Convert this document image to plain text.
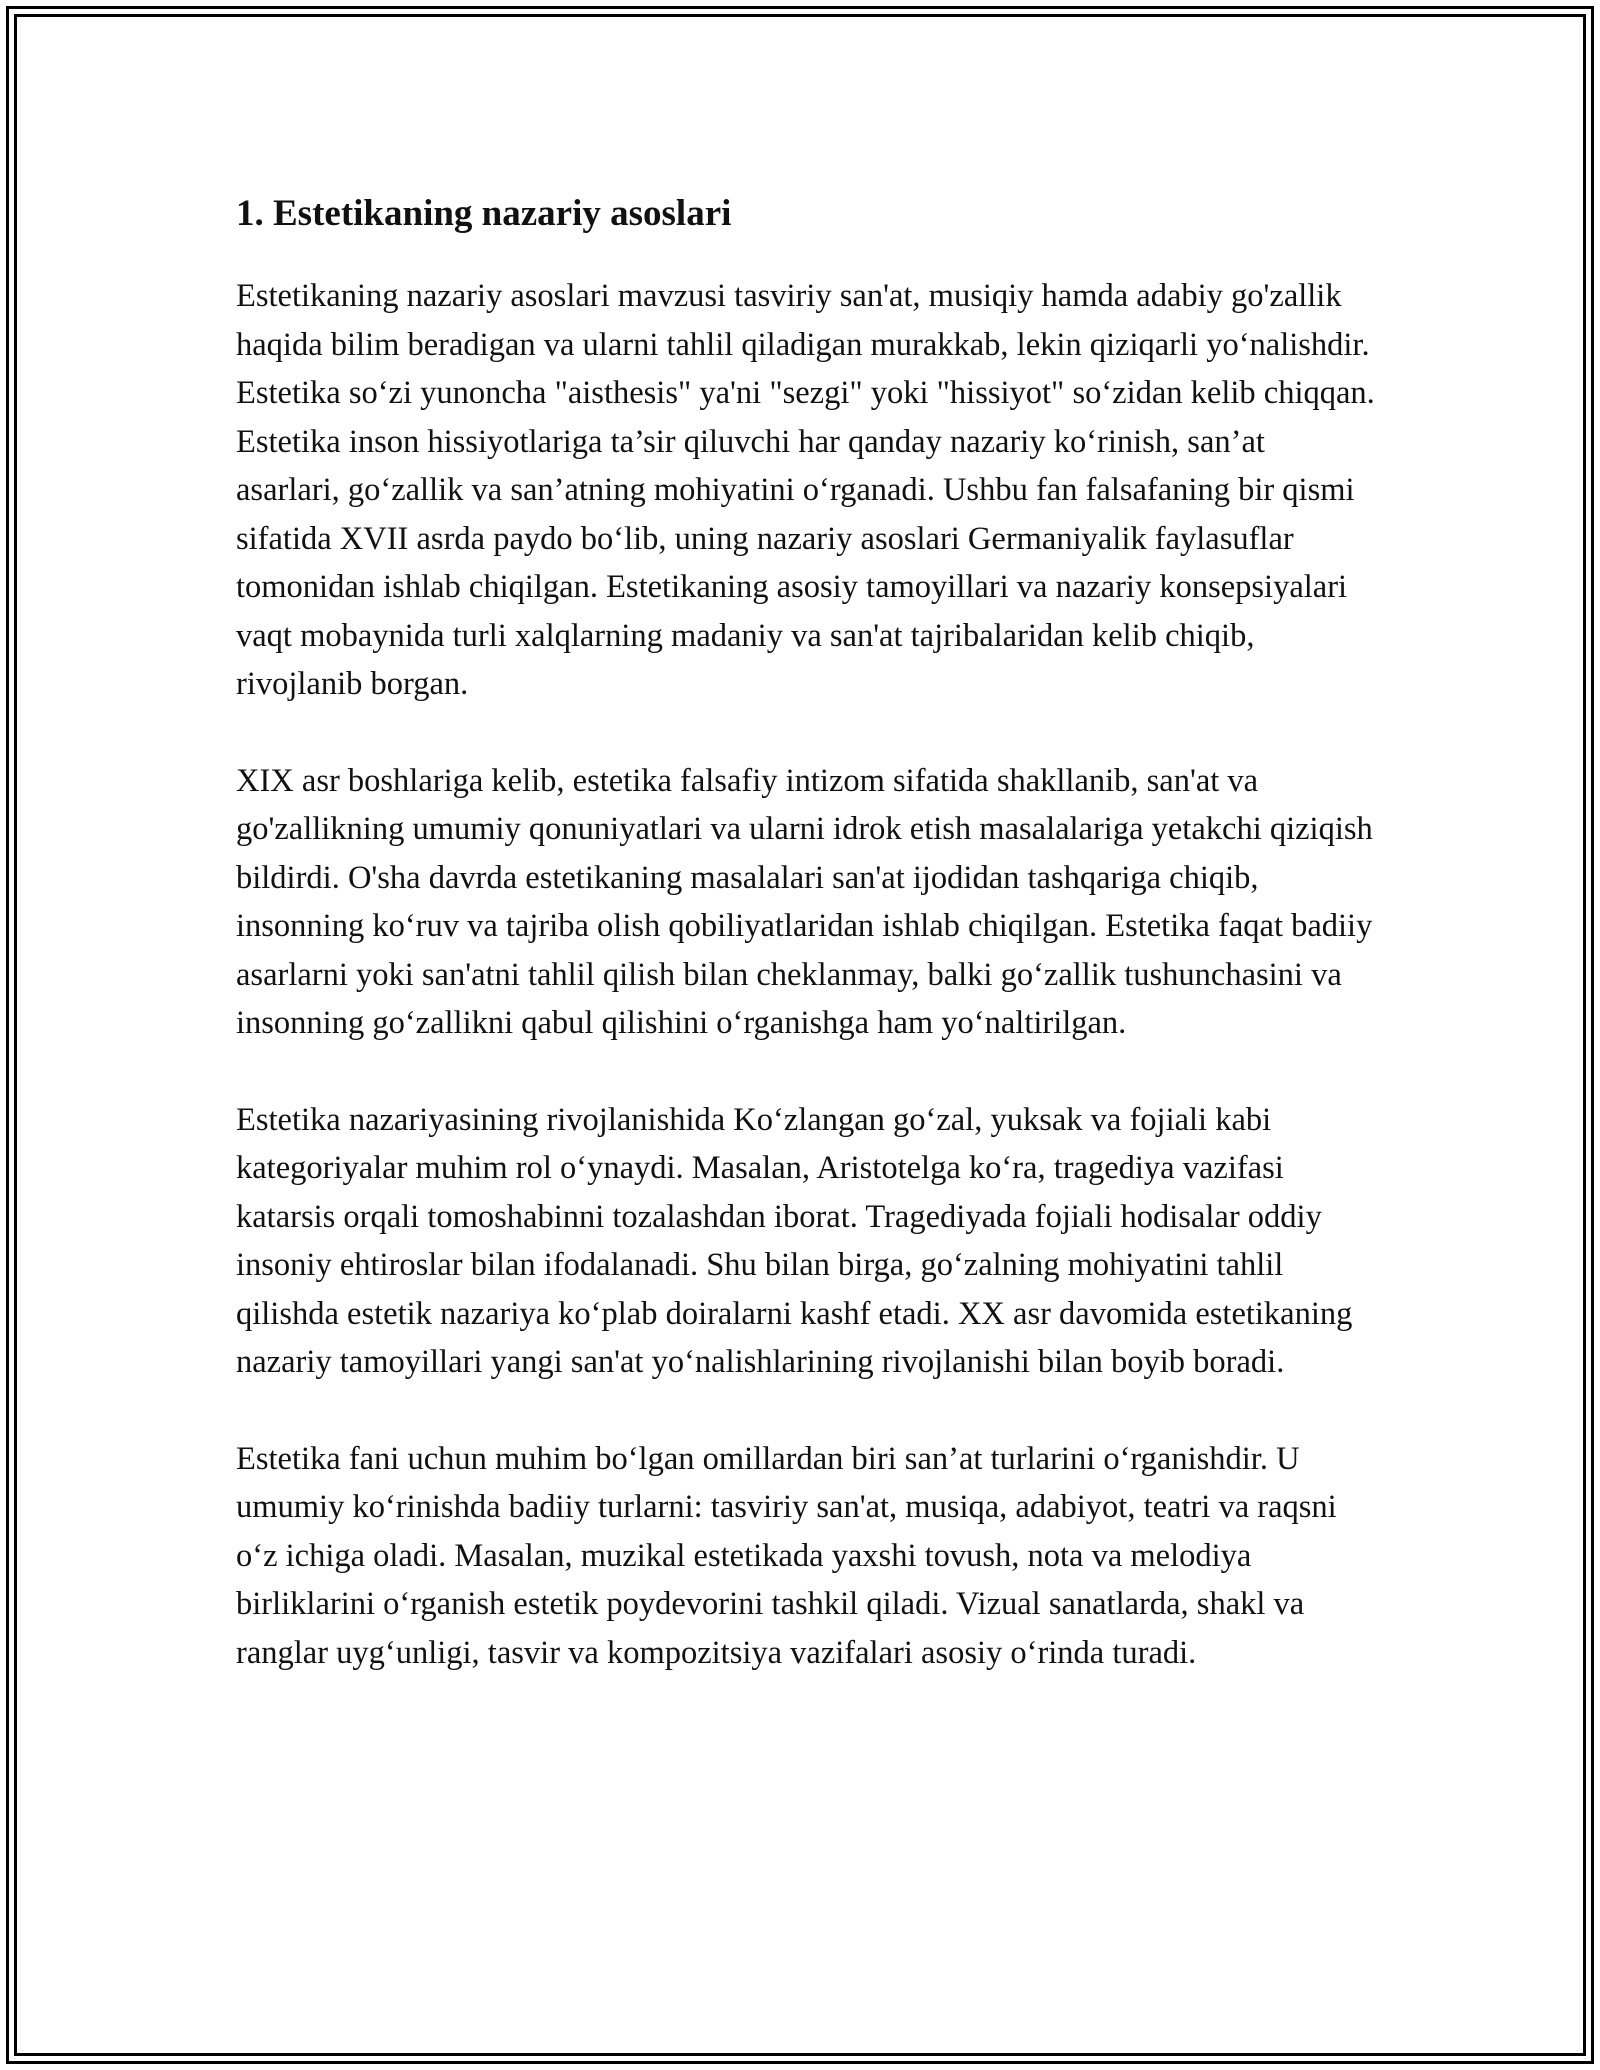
1. Estetikaning nazariy asoslari

Estetikaning nazariy asoslari mavzusi tasviriy san'at, musiqiy hamda adabiy go'zallik haqida bilim beradigan va ularni tahlil qiladigan murakkab, lekin qiziqarli yo‘nalishdir. Estetika so‘zi yunoncha "aisthesis" ya'ni "sezgi" yoki "hissiyot" so‘zidan kelib chiqqan. Estetika inson hissiyotlariga ta’sir qiluvchi har qanday nazariy ko‘rinish, san’at asarlari, go‘zallik va san’atning mohiyatini o‘rganadi. Ushbu fan falsafaning bir qismi sifatida XVII asrda paydo bo‘lib, uning nazariy asoslari Germaniyalik faylasuflar tomonidan ishlab chiqilgan. Estetikaning asosiy tamoyillari va nazariy konsepsiyalari vaqt mobaynida turli xalqlarning madaniy va san'at tajribalaridan kelib chiqib, rivojlanib borgan.

XIX asr boshlariga kelib, estetika falsafiy intizom sifatida shakllanib, san'at va go'zallikning umumiy qonuniyatlari va ularni idrok etish masalalariga yetakchi qiziqish bildirdi. O'sha davrda estetikaning masalalari san'at ijodidan tashqariga chiqib, insonning ko‘ruv va tajriba olish qobiliyatlaridan ishlab chiqilgan. Estetika faqat badiiy asarlarni yoki san'atni tahlil qilish bilan cheklanmay, balki go‘zallik tushunchasini va insonning go‘zallikni qabul qilishini o‘rganishga ham yo‘naltirilgan.

Estetika nazariyasining rivojlanishida Ko‘zlangan go‘zal, yuksak va fojiali kabi kategoriyalar muhim rol o‘ynaydi. Masalan, Aristotelga ko‘ra, tragediya vazifasi katarsis orqali tomoshabinni tozalashdan iborat. Tragediyada fojiali hodisalar oddiy insoniy ehtiroslar bilan ifodalanadi. Shu bilan birga, go‘zalning mohiyatini tahlil qilishda estetik nazariya ko‘plab doiralarni kashf etadi. XX asr davomida estetikaning nazariy tamoyillari yangi san'at yo‘nalishlarining rivojlanishi bilan boyib boradi.

Estetika fani uchun muhim bo‘lgan omillardan biri san’at turlarini o‘rganishdir. U umumiy ko‘rinishda badiiy turlarni: tasviriy san'at, musiqa, adabiyot, teatri va raqsni o‘z ichiga oladi. Masalan, muzikal estetikada yaxshi tovush, nota va melodiya birliklarini o‘rganish estetik poydevorini tashkil qiladi. Vizual sanatlarda, shakl va ranglar uyg‘unligi, tasvir va kompozitsiya vazifalari asosiy o‘rinda turadi.
